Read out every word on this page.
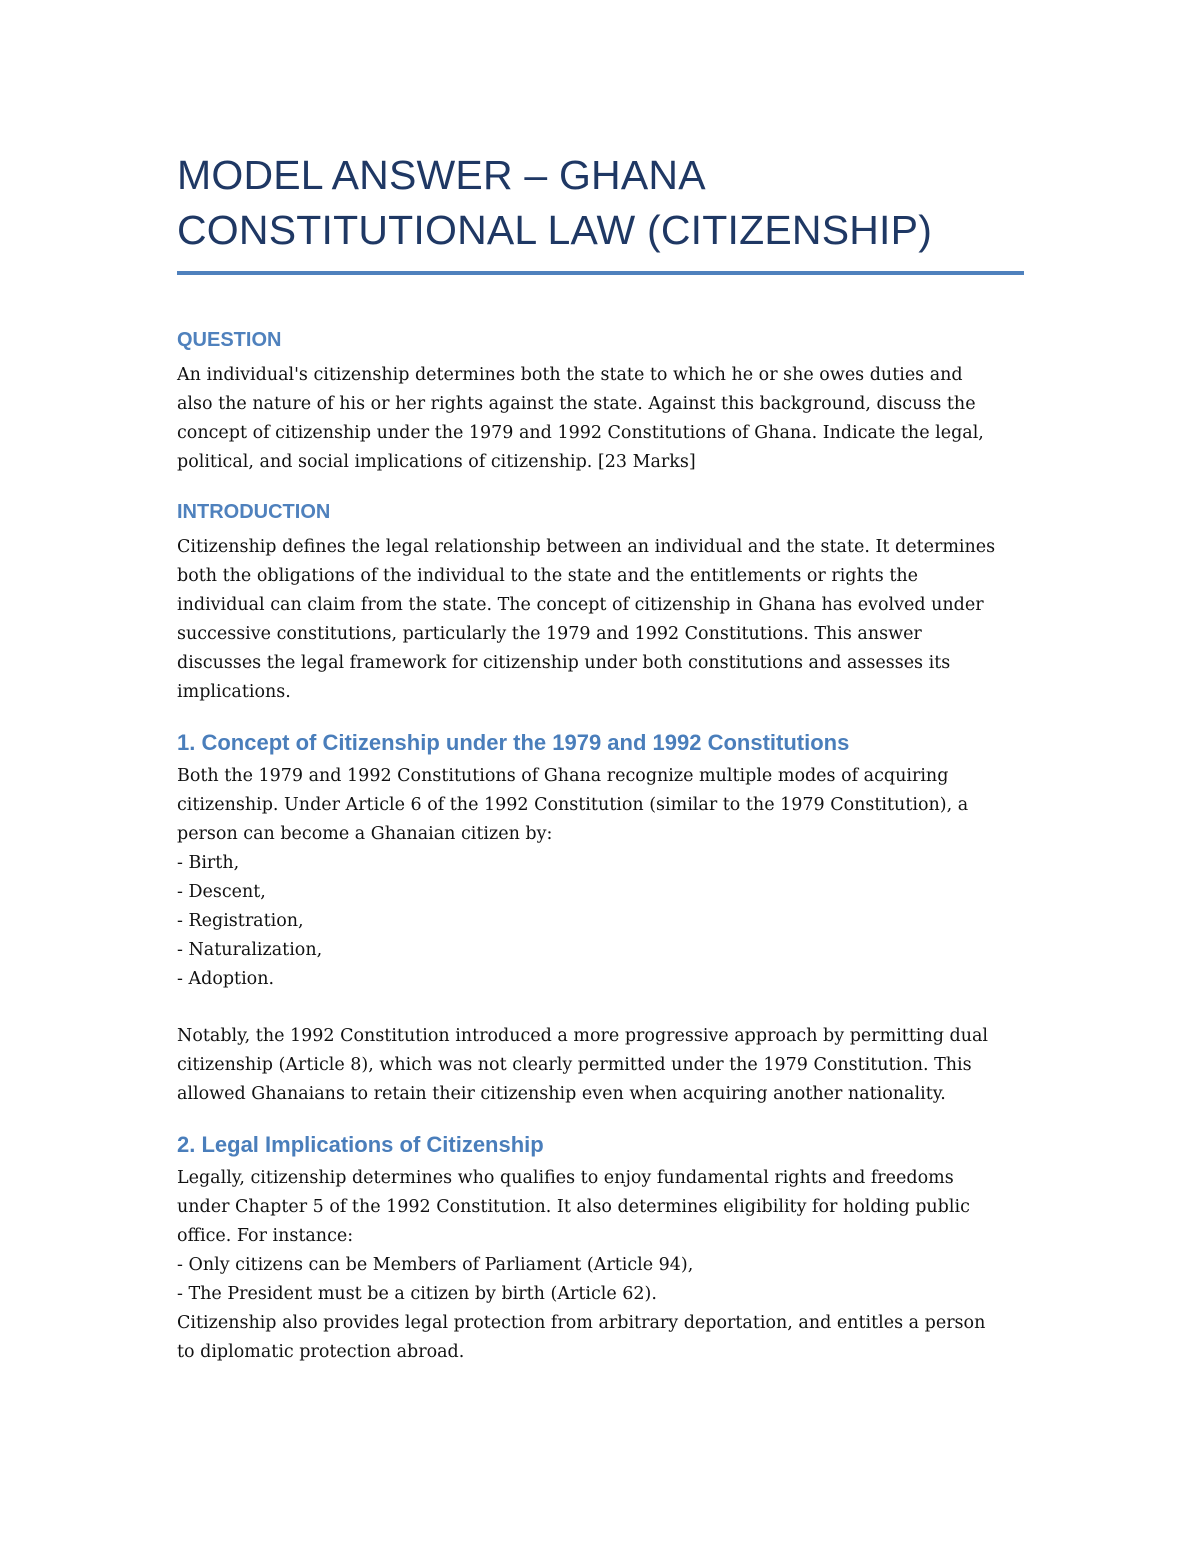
MODEL ANSWER – GHANA
CONSTITUTIONAL LAW (CITIZENSHIP)
QUESTION
An individual's citizenship determines both the state to which he or she owes duties and
also the nature of his or her rights against the state. Against this background, discuss the
concept of citizenship under the 1979 and 1992 Constitutions of Ghana. Indicate the legal,
political, and social implications of citizenship. [23 Marks]
INTRODUCTION
Citizenship defines the legal relationship between an individual and the state. It determines
both the obligations of the individual to the state and the entitlements or rights the
individual can claim from the state. The concept of citizenship in Ghana has evolved under
successive constitutions, particularly the 1979 and 1992 Constitutions. This answer
discusses the legal framework for citizenship under both constitutions and assesses its
implications.
1. Concept of Citizenship under the 1979 and 1992 Constitutions
Both the 1979 and 1992 Constitutions of Ghana recognize multiple modes of acquiring
citizenship. Under Article 6 of the 1992 Constitution (similar to the 1979 Constitution), a
person can become a Ghanaian citizen by:
- Birth,
- Descent,
- Registration,
- Naturalization,
- Adoption.
Notably, the 1992 Constitution introduced a more progressive approach by permitting dual
citizenship (Article 8), which was not clearly permitted under the 1979 Constitution. This
allowed Ghanaians to retain their citizenship even when acquiring another nationality.
2. Legal Implications of Citizenship
Legally, citizenship determines who qualifies to enjoy fundamental rights and freedoms
under Chapter 5 of the 1992 Constitution. It also determines eligibility for holding public
office. For instance:
- Only citizens can be Members of Parliament (Article 94),
- The President must be a citizen by birth (Article 62).
Citizenship also provides legal protection from arbitrary deportation, and entitles a person
to diplomatic protection abroad.
